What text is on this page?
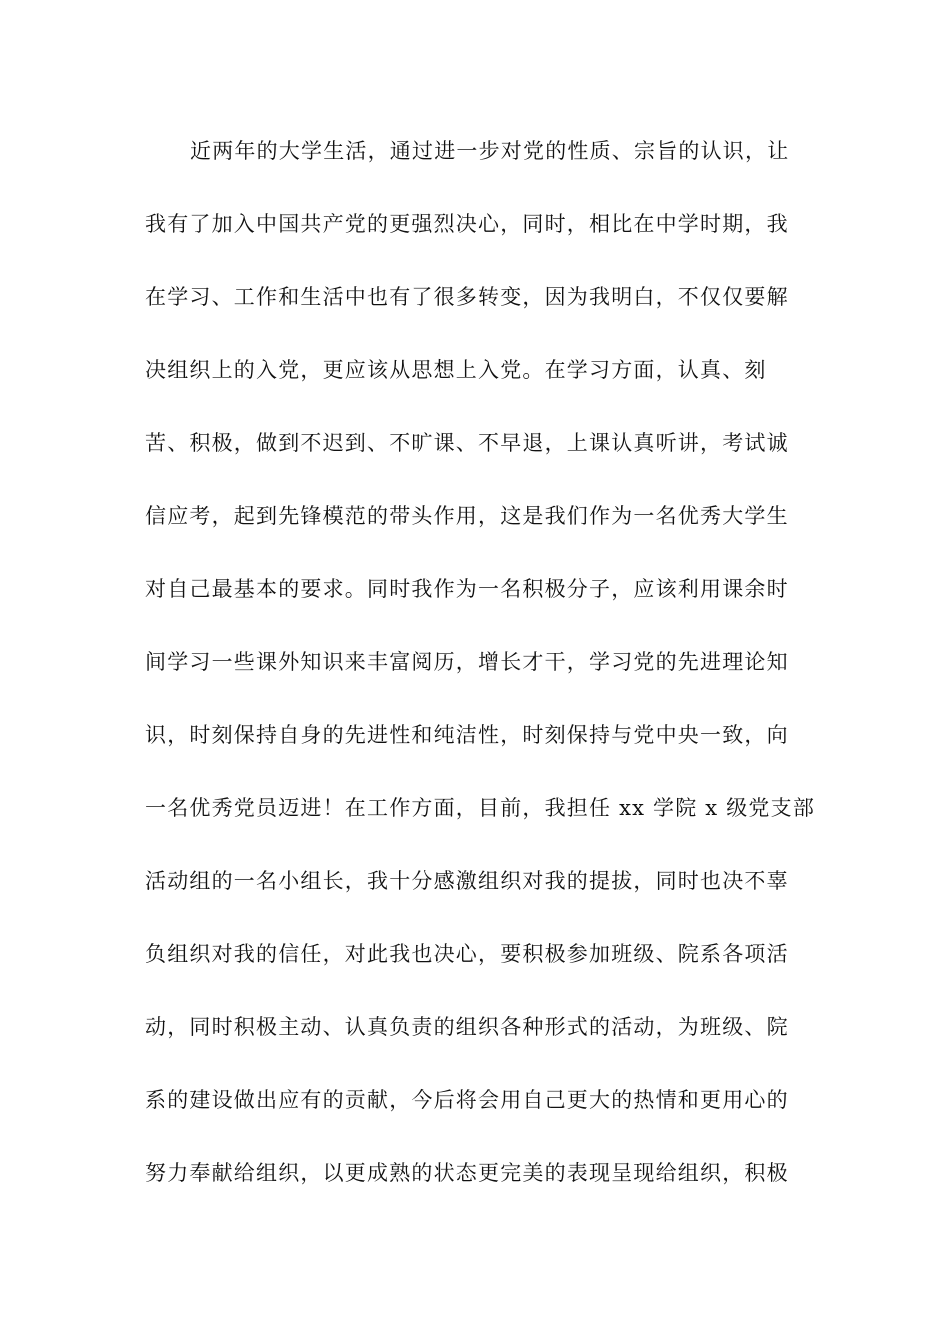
近两年的大学生活，通过进一步对党的性质、宗旨的认识，让
我有了加入中国共产党的更强烈决心，同时，相比在中学时期，我
在学习、工作和生活中也有了很多转变，因为我明白，不仅仅要解
决组织上的入党，更应该从思想上入党。在学习方面，认真、刻
苦、积极，做到不迟到、不旷课、不早退，上课认真听讲，考试诚
信应考，起到先锋模范的带头作用，这是我们作为一名优秀大学生
对自己最基本的要求。同时我作为一名积极分子，应该利用课余时
间学习一些课外知识来丰富阅历，增长才干，学习党的先进理论知
识，时刻保持自身的先进性和纯洁性，时刻保持与党中央一致，向
一名优秀党员迈进！在工作方面，目前，我担任 xx 学院 x 级党支部
活动组的一名小组长，我十分感激组织对我的提拔，同时也决不辜
负组织对我的信任，对此我也决心，要积极参加班级、院系各项活
动，同时积极主动、认真负责的组织各种形式的活动，为班级、院
系的建设做出应有的贡献，今后将会用自己更大的热情和更用心的
努力奉献给组织，以更成熟的状态更完美的表现呈现给组织，积极
